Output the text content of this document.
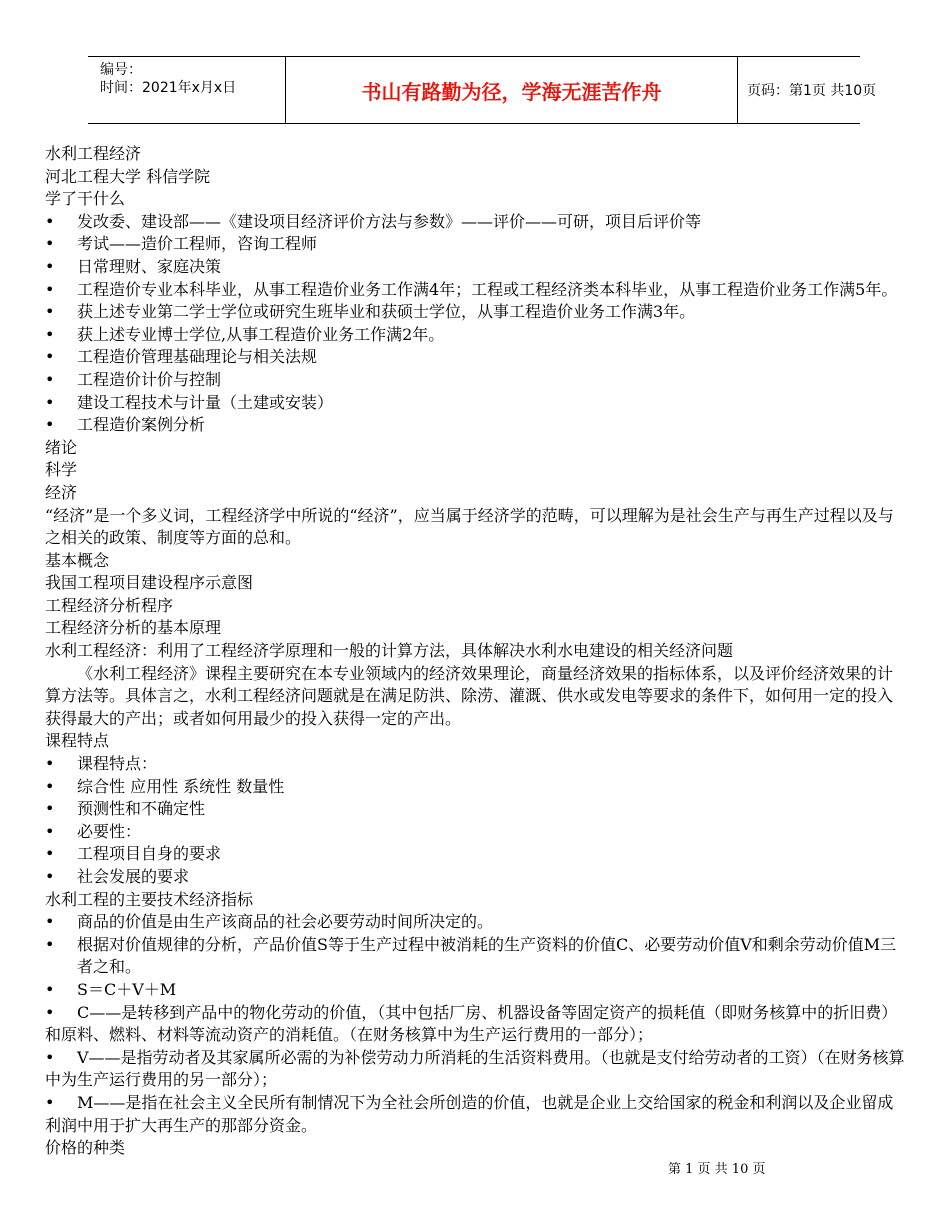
编号：
时间：2021年x月x日	书山有路勤为径，学海无涯苦作舟	页码：第1页 共10页
水利工程经济
河北工程大学 科信学院
学了干什么
• 发改委、建设部——《建设项目经济评价方法与参数》——评价——可研，项目后评价等
• 考试——造价工程师，咨询工程师
• 日常理财、家庭决策
• 工程造价专业本科毕业，从事工程造价业务工作满4年；工程或工程经济类本科毕业，从事工程造价业务工作满5年。
• 获上述专业第二学士学位或研究生班毕业和获硕士学位，从事工程造价业务工作满3年。
• 获上述专业博士学位,从事工程造价业务工作满2年。
• 工程造价管理基础理论与相关法规
• 工程造价计价与控制
• 建设工程技术与计量（土建或安装）
• 工程造价案例分析
绪论
科学
经济
“经济”是一个多义词，工程经济学中所说的“经济”，应当属于经济学的范畴，可以理解为是社会生产与再生产过程以及与之相关的政策、制度等方面的总和。
基本概念
我国工程项目建设程序示意图
工程经济分析程序
工程经济分析的基本原理
水利工程经济：利用了工程经济学原理和一般的计算方法，具体解决水利水电建设的相关经济问题
《水利工程经济》课程主要研究在本专业领域内的经济效果理论，商量经济效果的指标体系，以及评价经济效果的计算方法等。具体言之，水利工程经济问题就是在满足防洪、除涝、灌溉、供水或发电等要求的条件下，如何用一定的投入获得最大的产出；或者如何用最少的投入获得一定的产出。
课程特点
• 课程特点：
• 综合性 应用性 系统性 数量性
• 预测性和不确定性
• 必要性：
• 工程项目自身的要求
• 社会发展的要求
水利工程的主要技术经济指标
• 商品的价值是由生产该商品的社会必要劳动时间所决定的。
• 根据对价值规律的分析，产品价值S等于生产过程中被消耗的生产资料的价值C、必要劳动价值V和剩余劳动价值M三者之和。
• S＝C＋V＋M
• C——是转移到产品中的物化劳动的价值，（其中包括厂房、机器设备等固定资产的损耗值（即财务核算中的折旧费）和原料、燃料、材料等流动资产的消耗值。（在财务核算中为生产运行费用的一部分）；
• V——是指劳动者及其家属所必需的为补偿劳动力所消耗的生活资料费用。（也就是支付给劳动者的工资）（在财务核算中为生产运行费用的另一部分）；
• M——是指在社会主义全民所有制情况下为全社会所创造的价值，也就是企业上交给国家的税金和利润以及企业留成利润中用于扩大再生产的那部分资金。
价格的种类
第 1 页 共 10 页
